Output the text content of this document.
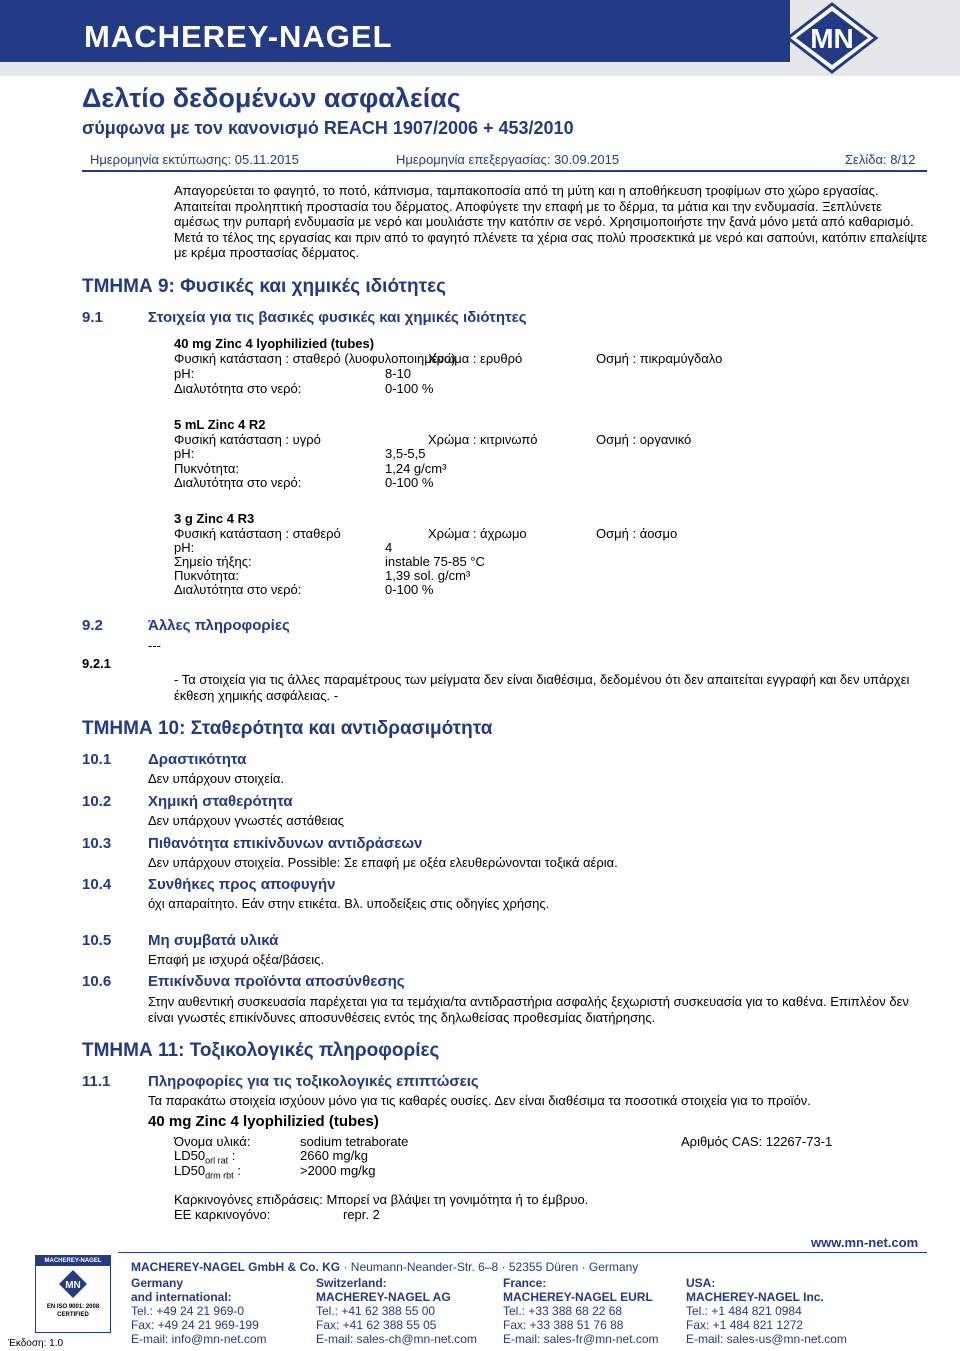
MACHEREY-NAGEL	MN
Δελτίο δεδομένων ασφαλείας
σύμφωνα με τον κανονισμό REACH 1907/2006 + 453/2010
Ημερομηνία εκτύπωσης: 05.11.2015	Ημερομηνία επεξεργασίας: 30.09.2015	Σελίδα: 8/12
Απαγορεύεται το φαγητό, το ποτό, κάπνισμα, ταμπακοποσία από τη μύτη και η αποθήκευση τροφίμων στο χώρο εργασίας.
Απαιτείται προληπτική προστασία του δέρματος. Αποφύγετε την επαφή με το δέρμα, τα μάτια και την ενδυμασία. Ξεπλύνετε
αμέσως την ρυπαρή ενδυμασία με νερό και μουλιάστε την κατόπιν σε νερό. Χρησιμοποιήστε την ξανά μόνο μετά από καθαρισμό.
Μετά το τέλος της εργασίας και πριν από το φαγητό πλένετε τα χέρια σας πολύ προσεκτικά με νερό και σαπούνι, κατόπιν επαλείψτε
με κρέμα προστασίας δέρματος.
ΤΜΗΜΑ 9: Φυσικές και χημικές ιδιότητες
9.1	Στοιχεία για τις βασικές φυσικές και χημικές ιδιότητες
40 mg Zinc 4 lyophilizied (tubes)
Φυσική κατάσταση : σταθερό (λυοφυλοποιημένο)
Χρώμα : ερυθρό	Οσμή : πικραμύγδαλο
pH:	8-10
Διαλυτότητα στο νερό:	0-100 %
5 mL Zinc 4 R2
Φυσική κατάσταση : υγρό	Χρώμα : κιτρινωπό	Οσμή : οργανικό
pH:	3,5-5,5
Πυκνότητα:	1,24 g/cm³
Διαλυτότητα στο νερό:	0-100 %
3 g Zinc 4 R3
Φυσική κατάσταση : σταθερό	Χρώμα : άχρωμο	Οσμή : άοσμο
pH:	4
Σημείο τήξης:	instable 75-85 °C
Πυκνότητα:	1,39 sol. g/cm³
Διαλυτότητα στο νερό:	0-100 %
9.2	Άλλες πληροφορίες
---
9.2.1
- Τα στοιχεία για τις άλλες παραμέτρους των μείγματα δεν είναι διαθέσιμα, δεδομένου ότι δεν απαιτείται εγγραφή και δεν υπάρχει
έκθεση χημικής ασφάλειας. -
ΤΜΗΜΑ 10: Σταθερότητα και αντιδρασιμότητα
10.1 Δραστικότητα
Δεν υπάρχουν στοιχεία.
10.2 Χημική σταθερότητα
Δεν υπάρχουν γνωστές αστάθειας
10.3 Πιθανότητα επικίνδυνων αντιδράσεων
Δεν υπάρχουν στοιχεία. Possible: Σε επαφή με οξέα ελευθερώνονται τοξικά αέρια.
10.4 Συνθήκες προς αποφυγήν
όχι απαραίτητο. Εάν στην ετικέτα. Βλ. υποδείξεις στις οδηγίες χρήσης.
10.5 Μη συμβατά υλικά
Επαφή με ισχυρά οξέα/βάσεις.
10.6 Επικίνδυνα προϊόντα αποσύνθεσης
Στην αυθεντική συσκευασία παρέχεται για τα τεμάχια/τα αντιδραστήρια ασφαλής ξεχωριστή συσκευασία για το καθένα. Επιπλέον δεν
είναι γνωστές επικίνδυνες αποσυνθέσεις εντός της δηλωθείσας προθεσμίας διατήρησης.
ΤΜΗΜΑ 11: Τοξικολογικές πληροφορίες
11.1	Πληροφορίες για τις τοξικολογικές επιπτώσεις
Τα παρακάτω στοιχεία ισχύουν μόνο για τις καθαρές ουσίες. Δεν είναι διαθέσιμα τα ποσοτικά στοιχεία για το προϊόν.
40 mg Zinc 4 lyophilizied (tubes)
Όνομα υλικά:	sodium tetraborate	Αριθμός CAS: 12267-73-1
$LD50_{orl rat}$ :	2660 mg/kg
$LD50_{drm rbt}$ :	>2000 mg/kg
Καρκινογόνες επιδράσεις: Μπορεί να βλάψει τη γονιμότητα ή το έμβρυο.
ΕΕ καρκινογόνο:	repr. 2
www.mn-net.com
MACHEREY-NAGEL
MN
EN ISO 9001: 2008
CERTIFIED
Έκδοση: 1.0
MACHEREY-NAGEL GmbH & Co. KG · Neumann-Neander-Str. 6–8 · 52355 Düren · Germany
Germany
and international:
Tel.: +49 24 21 969-0
Fax: +49 24 21 969-199
E-mail: info@mn-net.com
Switzerland:
MACHEREY-NAGEL AG
Tel.: +41 62 388 55 00
Fax: +41 62 388 55 05
E-mail: sales-ch@mn-net.com
France:
MACHEREY-NAGEL EURL
Tel.: +33 388 68 22 68
Fax: +33 388 51 76 88
E-mail: sales-fr@mn-net.com
USA:
MACHEREY-NAGEL Inc.
Tel.: +1 484 821 0984
Fax: +1 484 821 1272
E-mail: sales-us@mn-net.com
